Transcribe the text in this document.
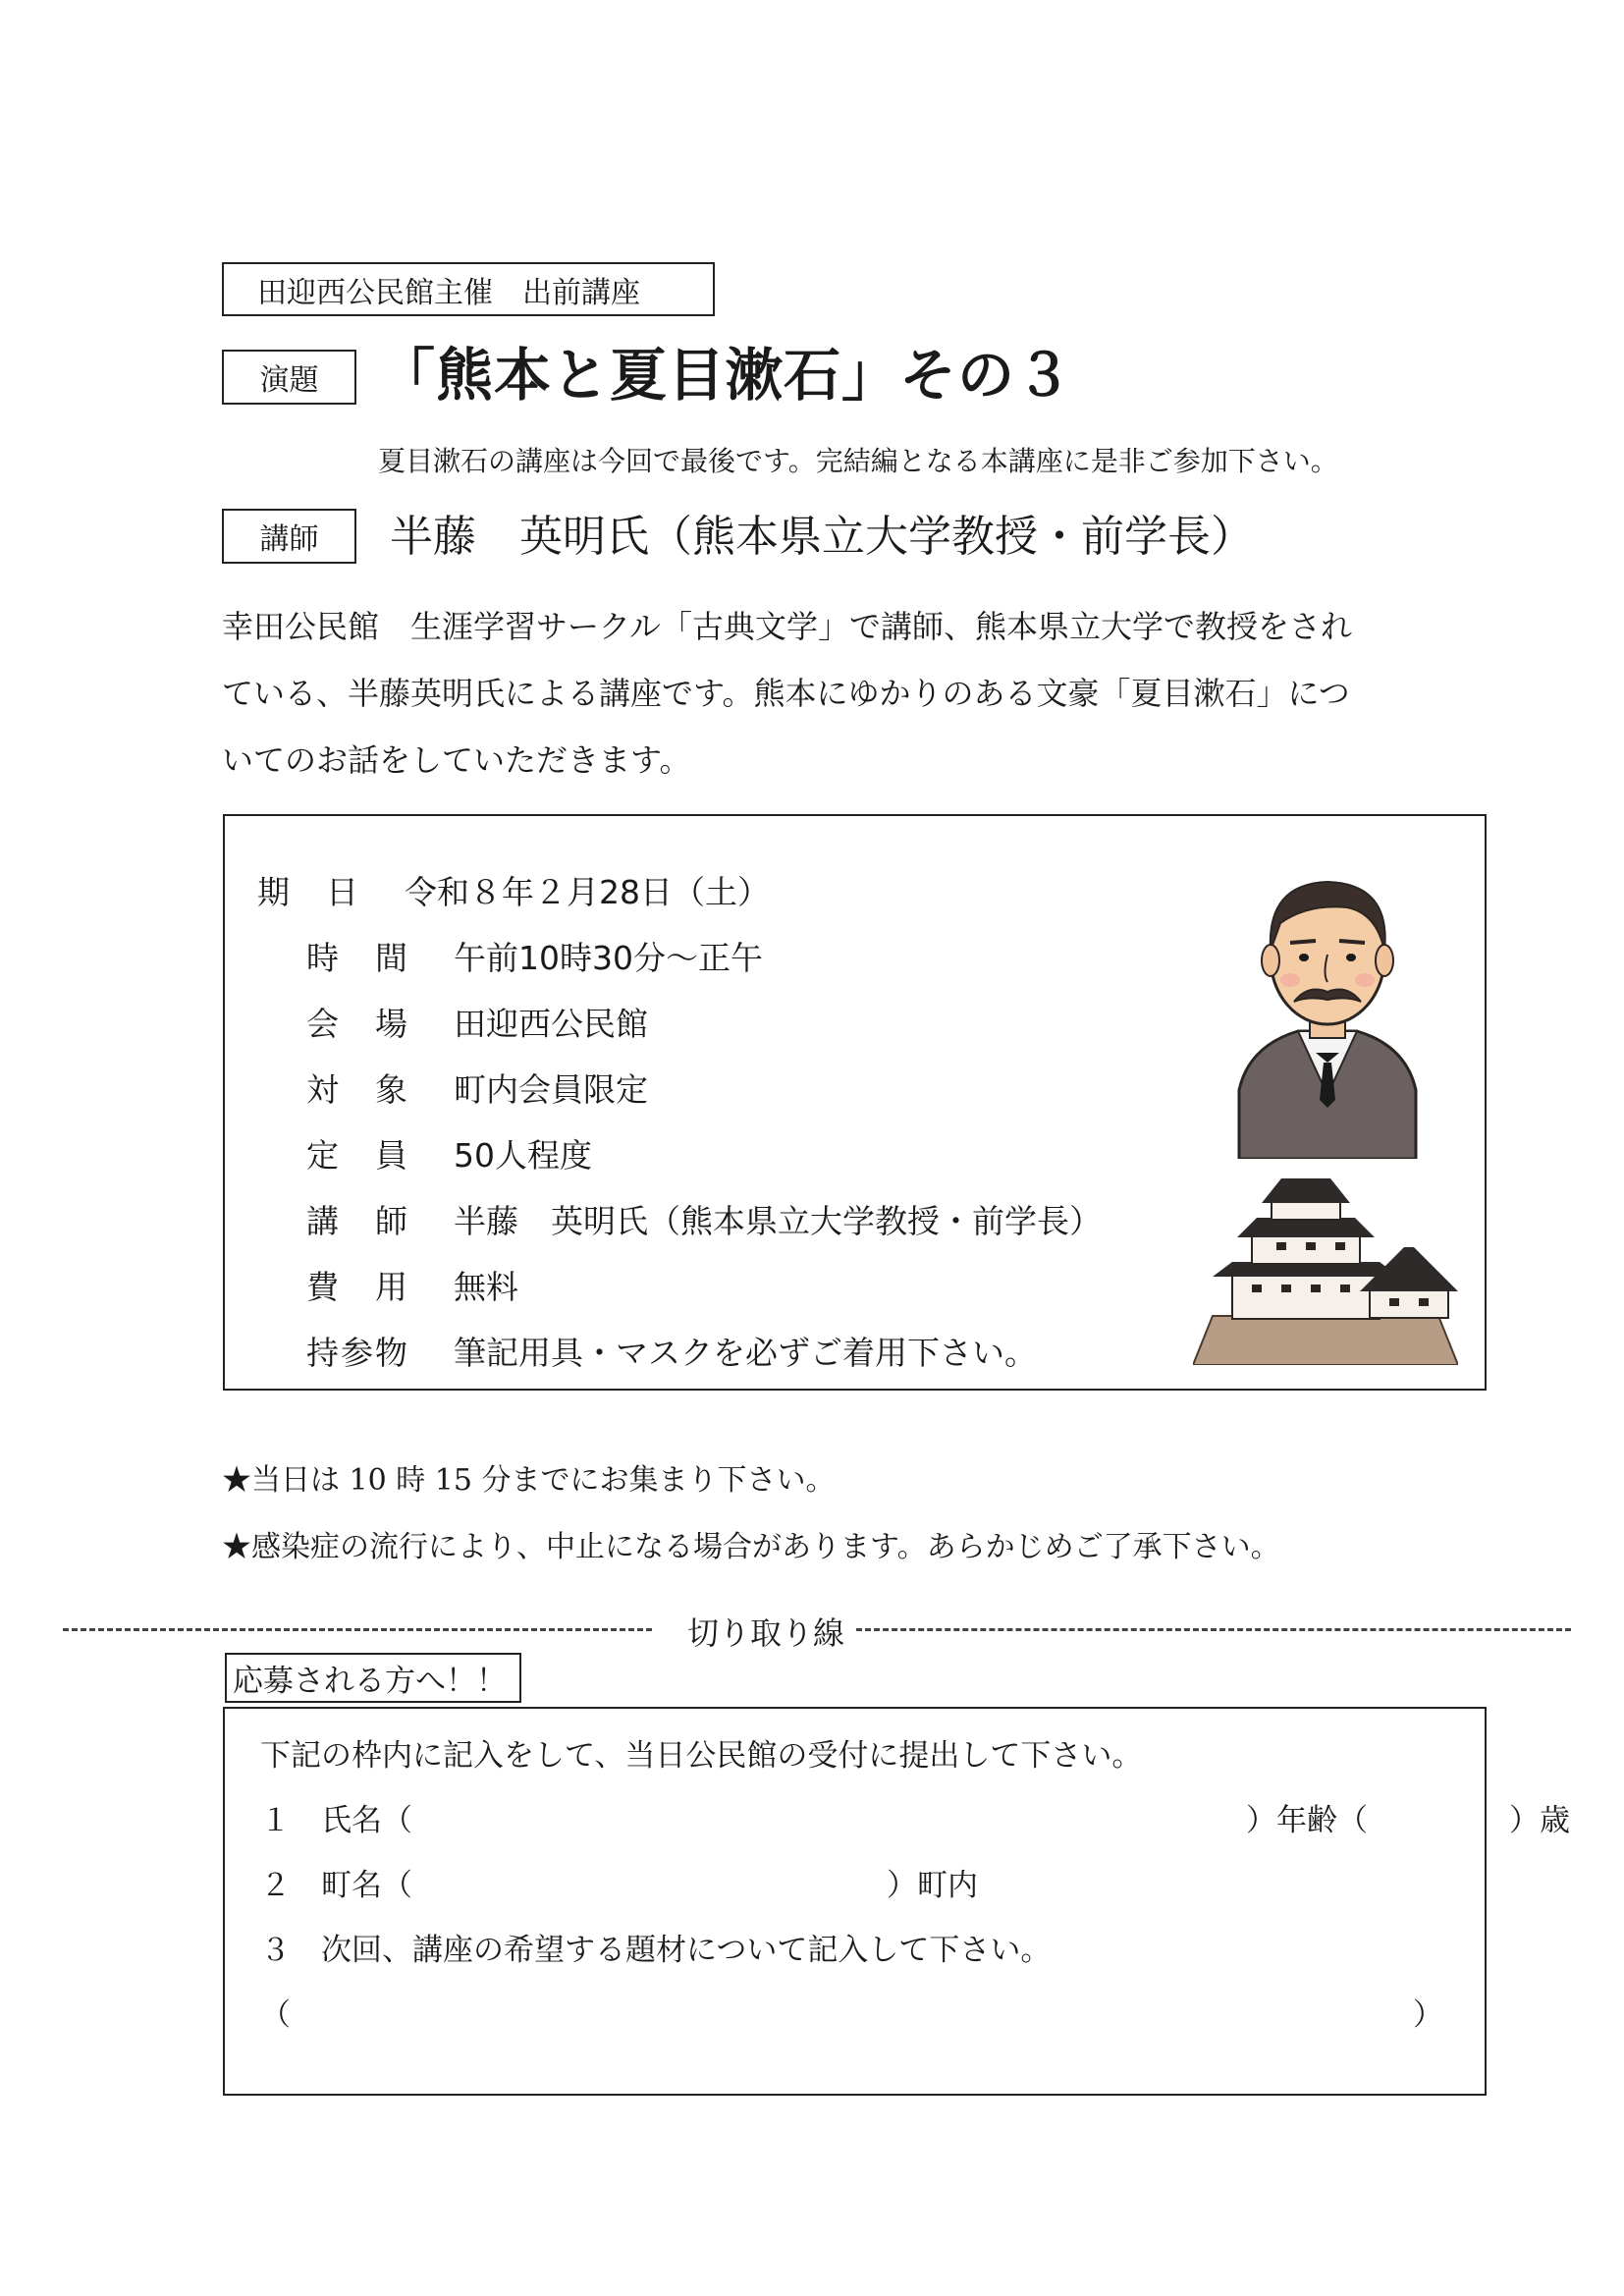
田迎西公民館主催　出前講座
演題	「熊本と夏目漱石」その３
夏目漱石の講座は今回で最後です。完結編となる本講座に是非ご参加下さい。
講師	半藤　英明氏（熊本県立大学教授・前学長）
幸田公民館　生涯学習サークル「古典文学」で講師、熊本県立大学で教授をされ
ている、半藤英明氏による講座です。熊本にゆかりのある文豪「夏目漱石」につ
いてのお話をしていただきます。
期　日 令和８年２月28日（土）
時　間 午前10時30分～正午
会　場 田迎西公民館
対　象 町内会員限定
定　員 50人程度
講　師 半藤　英明氏（熊本県立大学教授・前学長）
費　用 無料
持参物 筆記用具・マスクを必ずご着用下さい。
★当日は 10 時 15 分までにお集まり下さい。
★感染症の流行により、中止になる場合があります。あらかじめご了承下さい。
切り取り線
応募される方へ！！
下記の枠内に記入をして、当日公民館の受付に提出して下さい。
１　氏名（	）年齢（	）歳
２　町名（	）町内
３　次回、講座の希望する題材について記入して下さい。
（	）
